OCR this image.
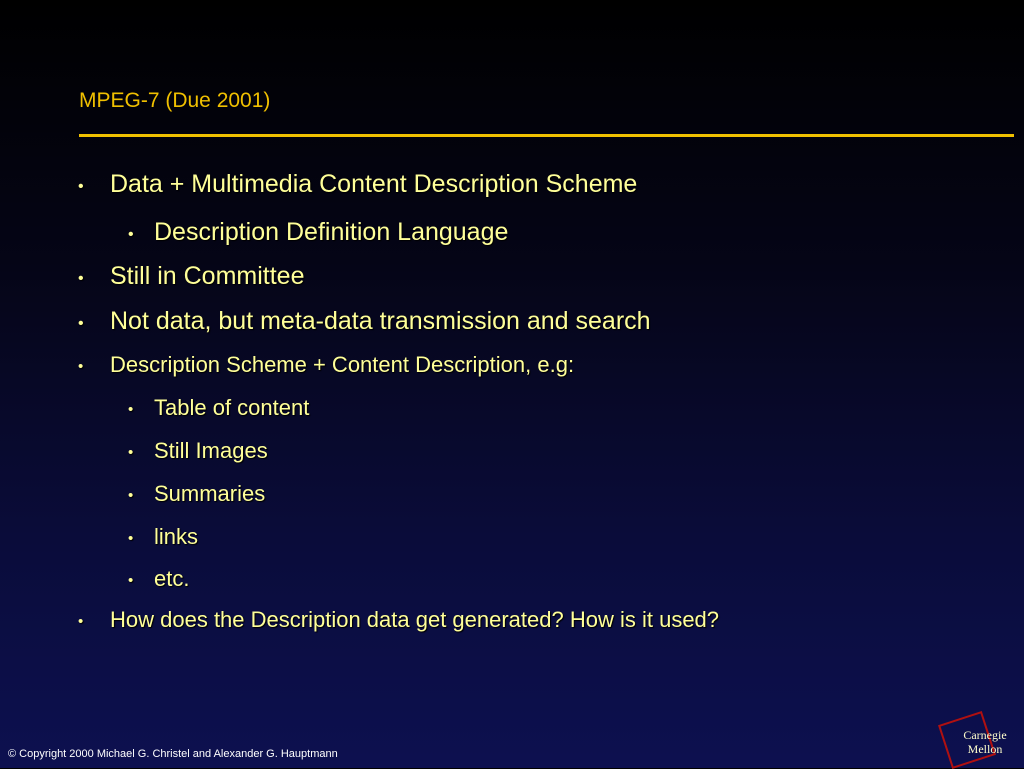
MPEG-7 (Due 2001)
• Data + Multimedia Content Description Scheme
• Description Definition Language
• Still in Committee
• Not data, but meta-data transmission and search
• Description Scheme + Content Description, e.g:
• Table of content
• Still Images
• Summaries
• links
• etc.
• How does the Description data get generated? How is it used?
© Copyright 2000 Michael G. Christel and Alexander G. Hauptmann
Carnegie
Mellon
